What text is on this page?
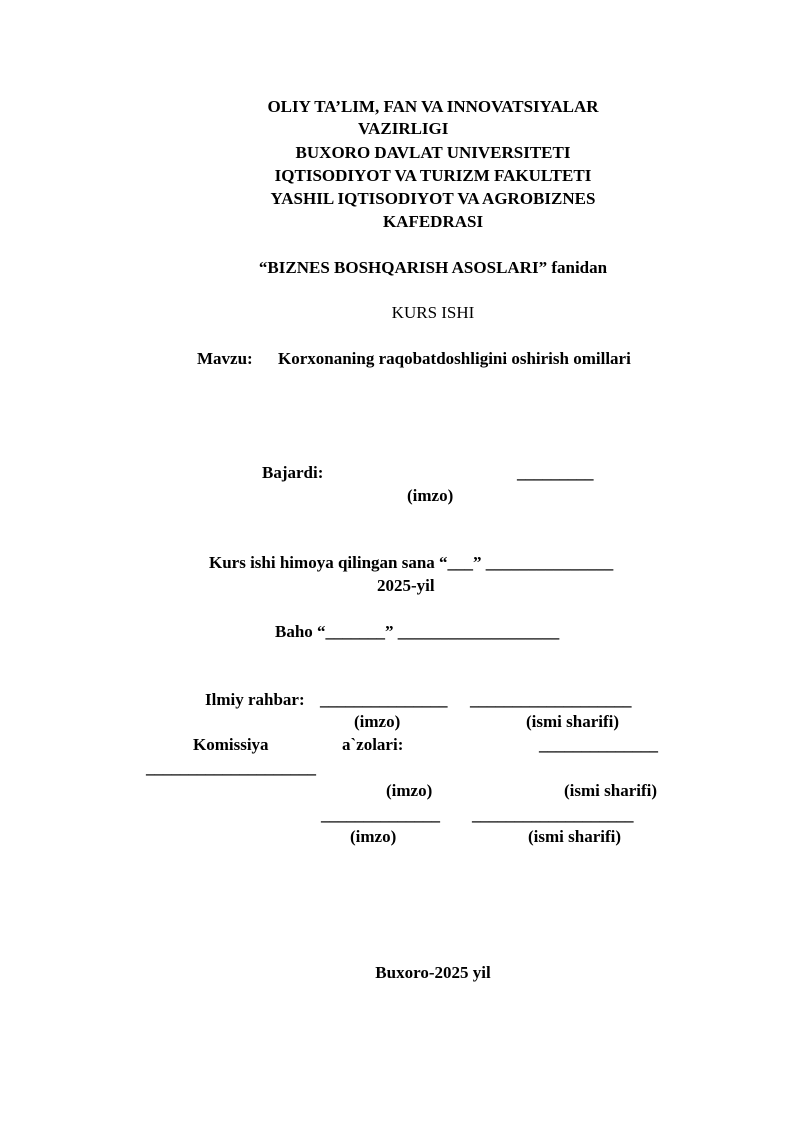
OLIY TA’LIM, FAN VA INNOVATSIYALAR
VAZIRLIGI
BUXORO DAVLAT UNIVERSITETI
IQTISODIYOT VA TURIZM FAKULTETI
YASHIL IQTISODIYOT VA AGROBIZNES
KAFEDRASI
“BIZNES BOSHQARISH ASOSLARI” fanidan
KURS ISHI
Mavzu: Korxonaning raqobatdoshligini oshirish omillari
Bajardi:	_________
(imzo)
Kurs ishi himoya qilingan sana “___” _______________
2025-yil
Baho “_______” ___________________
Ilmiy rahbar: _______________ ___________________
(imzo)	(ismi sharifi)
Komissiya	a`zolari:	______________
____________________
(imzo)	(ismi sharifi)
______________ ___________________
(imzo)	(ismi sharifi)
Buxoro-2025 yil
